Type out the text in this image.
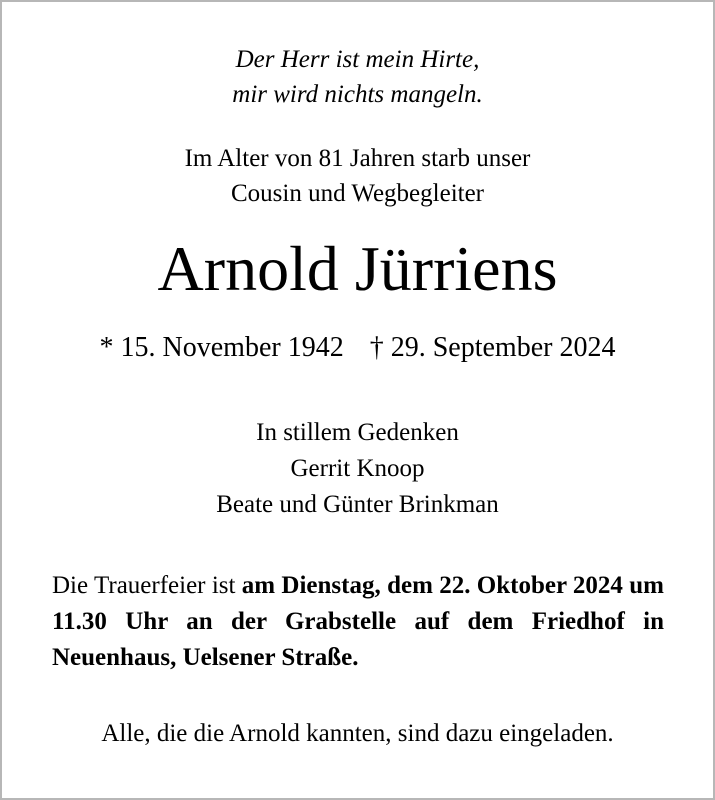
Der Herr ist mein Hirte,
mir wird nichts mangeln.
Im Alter von 81 Jahren starb unser
Cousin und Wegbegleiter
Arnold Jürriens
* 15. November 1942 † 29. September 2024
In stillem Gedenken
Gerrit Knoop
Beate und Günter Brinkman
Die Trauerfeier ist am Dienstag, dem 22. Oktober 2024 um 11.30 Uhr an der Grabstelle auf dem Friedhof in Neuenhaus, Uelsener Straße.
Alle, die die Arnold kannten, sind dazu eingeladen.
